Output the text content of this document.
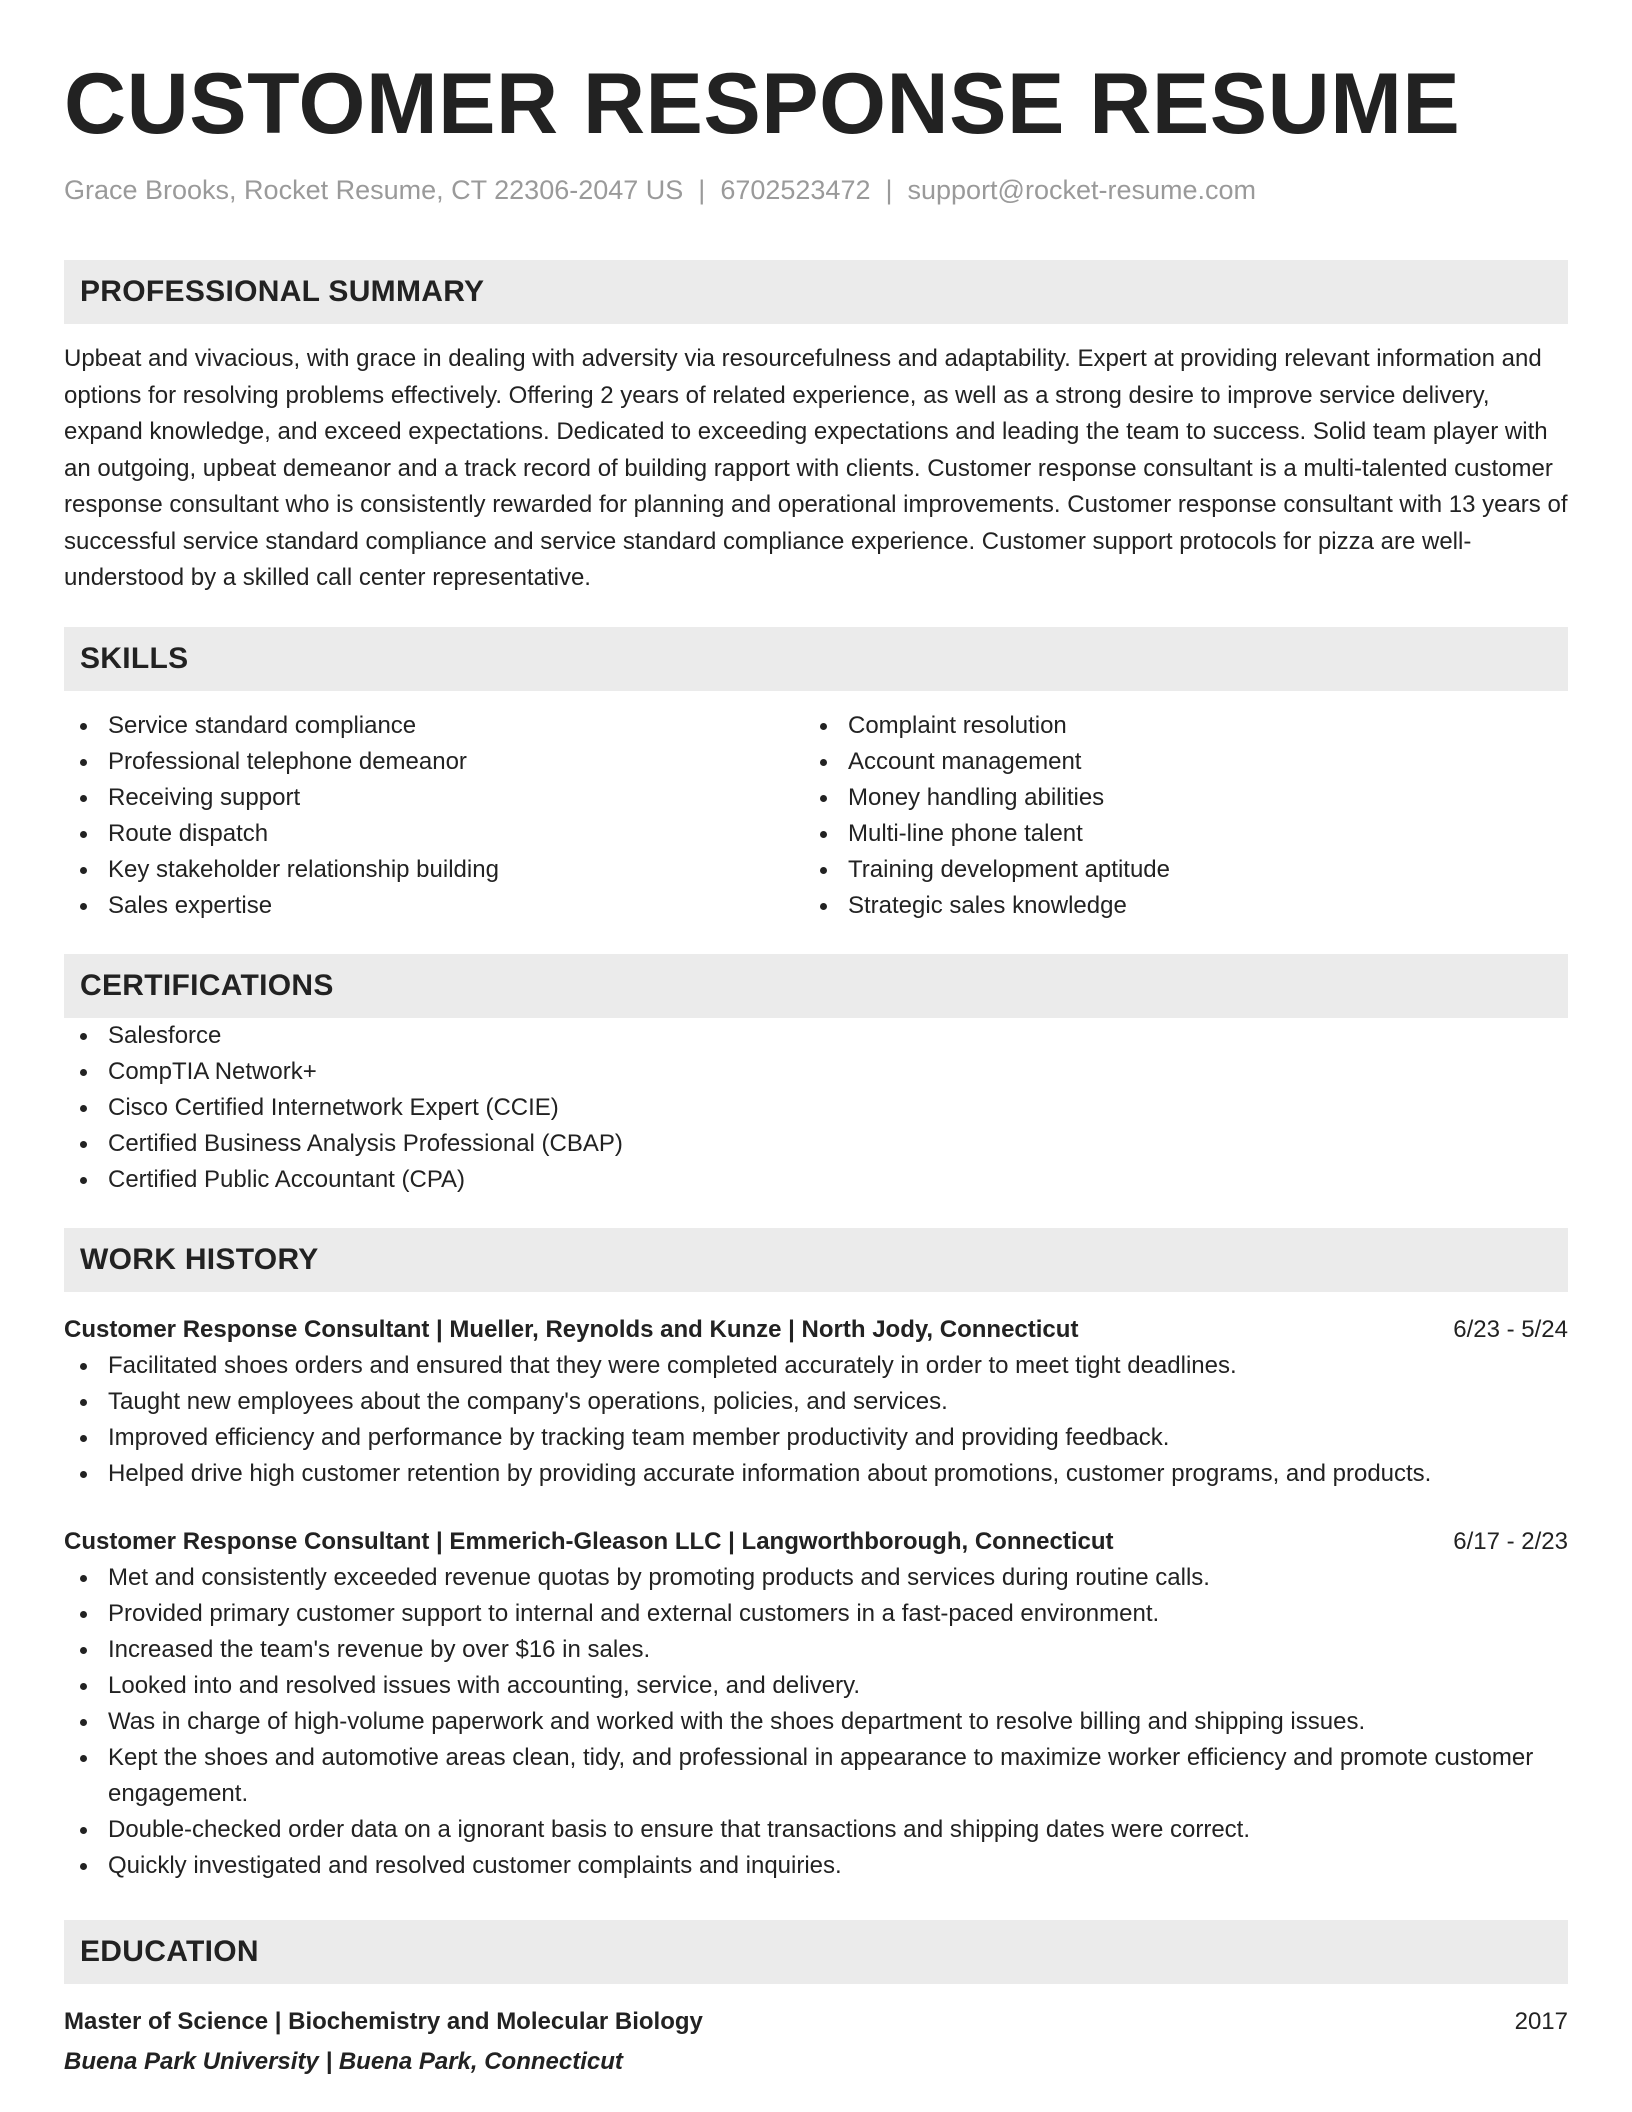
CUSTOMER RESPONSE RESUME
Grace Brooks, Rocket Resume, CT 22306-2047 US | 6702523472 | support@rocket-resume.com
PROFESSIONAL SUMMARY

Upbeat and vivacious, with grace in dealing with adversity via resourcefulness and adaptability. Expert at providing relevant information and options for resolving problems effectively. Offering 2 years of related experience, as well as a strong desire to improve service delivery, expand knowledge, and exceed expectations. Dedicated to exceeding expectations and leading the team to success. Solid team player with an outgoing, upbeat demeanor and a track record of building rapport with clients. Customer response consultant is a multi-talented customer response consultant who is consistently rewarded for planning and operational improvements. Customer response consultant with 13 years of successful service standard compliance and service standard compliance experience. Customer support protocols for pizza are well-understood by a skilled call center representative.

SKILLS
Service standard compliance
Professional telephone demeanor
Receiving support
Route dispatch
Key stakeholder relationship building
Sales expertise
Complaint resolution
Account management
Money handling abilities
Multi-line phone talent
Training development aptitude
Strategic sales knowledge
CERTIFICATIONS
Salesforce
CompTIA Network+
Cisco Certified Internetwork Expert (CCIE)
Certified Business Analysis Professional (CBAP)
Certified Public Accountant (CPA)
WORK HISTORY
Customer Response Consultant | Mueller, Reynolds and Kunze | North Jody, Connecticut	6/23 - 5/24
Facilitated shoes orders and ensured that they were completed accurately in order to meet tight deadlines.
Taught new employees about the company's operations, policies, and services.
Improved efficiency and performance by tracking team member productivity and providing feedback.
Helped drive high customer retention by providing accurate information about promotions, customer programs, and products.
Customer Response Consultant | Emmerich-Gleason LLC | Langworthborough, Connecticut	6/17 - 2/23
Met and consistently exceeded revenue quotas by promoting products and services during routine calls.
Provided primary customer support to internal and external customers in a fast-paced environment.
Increased the team's revenue by over $16 in sales.
Looked into and resolved issues with accounting, service, and delivery.
Was in charge of high-volume paperwork and worked with the shoes department to resolve billing and shipping issues.
Kept the shoes and automotive areas clean, tidy, and professional in appearance to maximize worker efficiency and promote customer engagement.
Double-checked order data on a ignorant basis to ensure that transactions and shipping dates were correct.
Quickly investigated and resolved customer complaints and inquiries.
EDUCATION
Master of Science | Biochemistry and Molecular Biology	2017
Buena Park University | Buena Park, Connecticut
